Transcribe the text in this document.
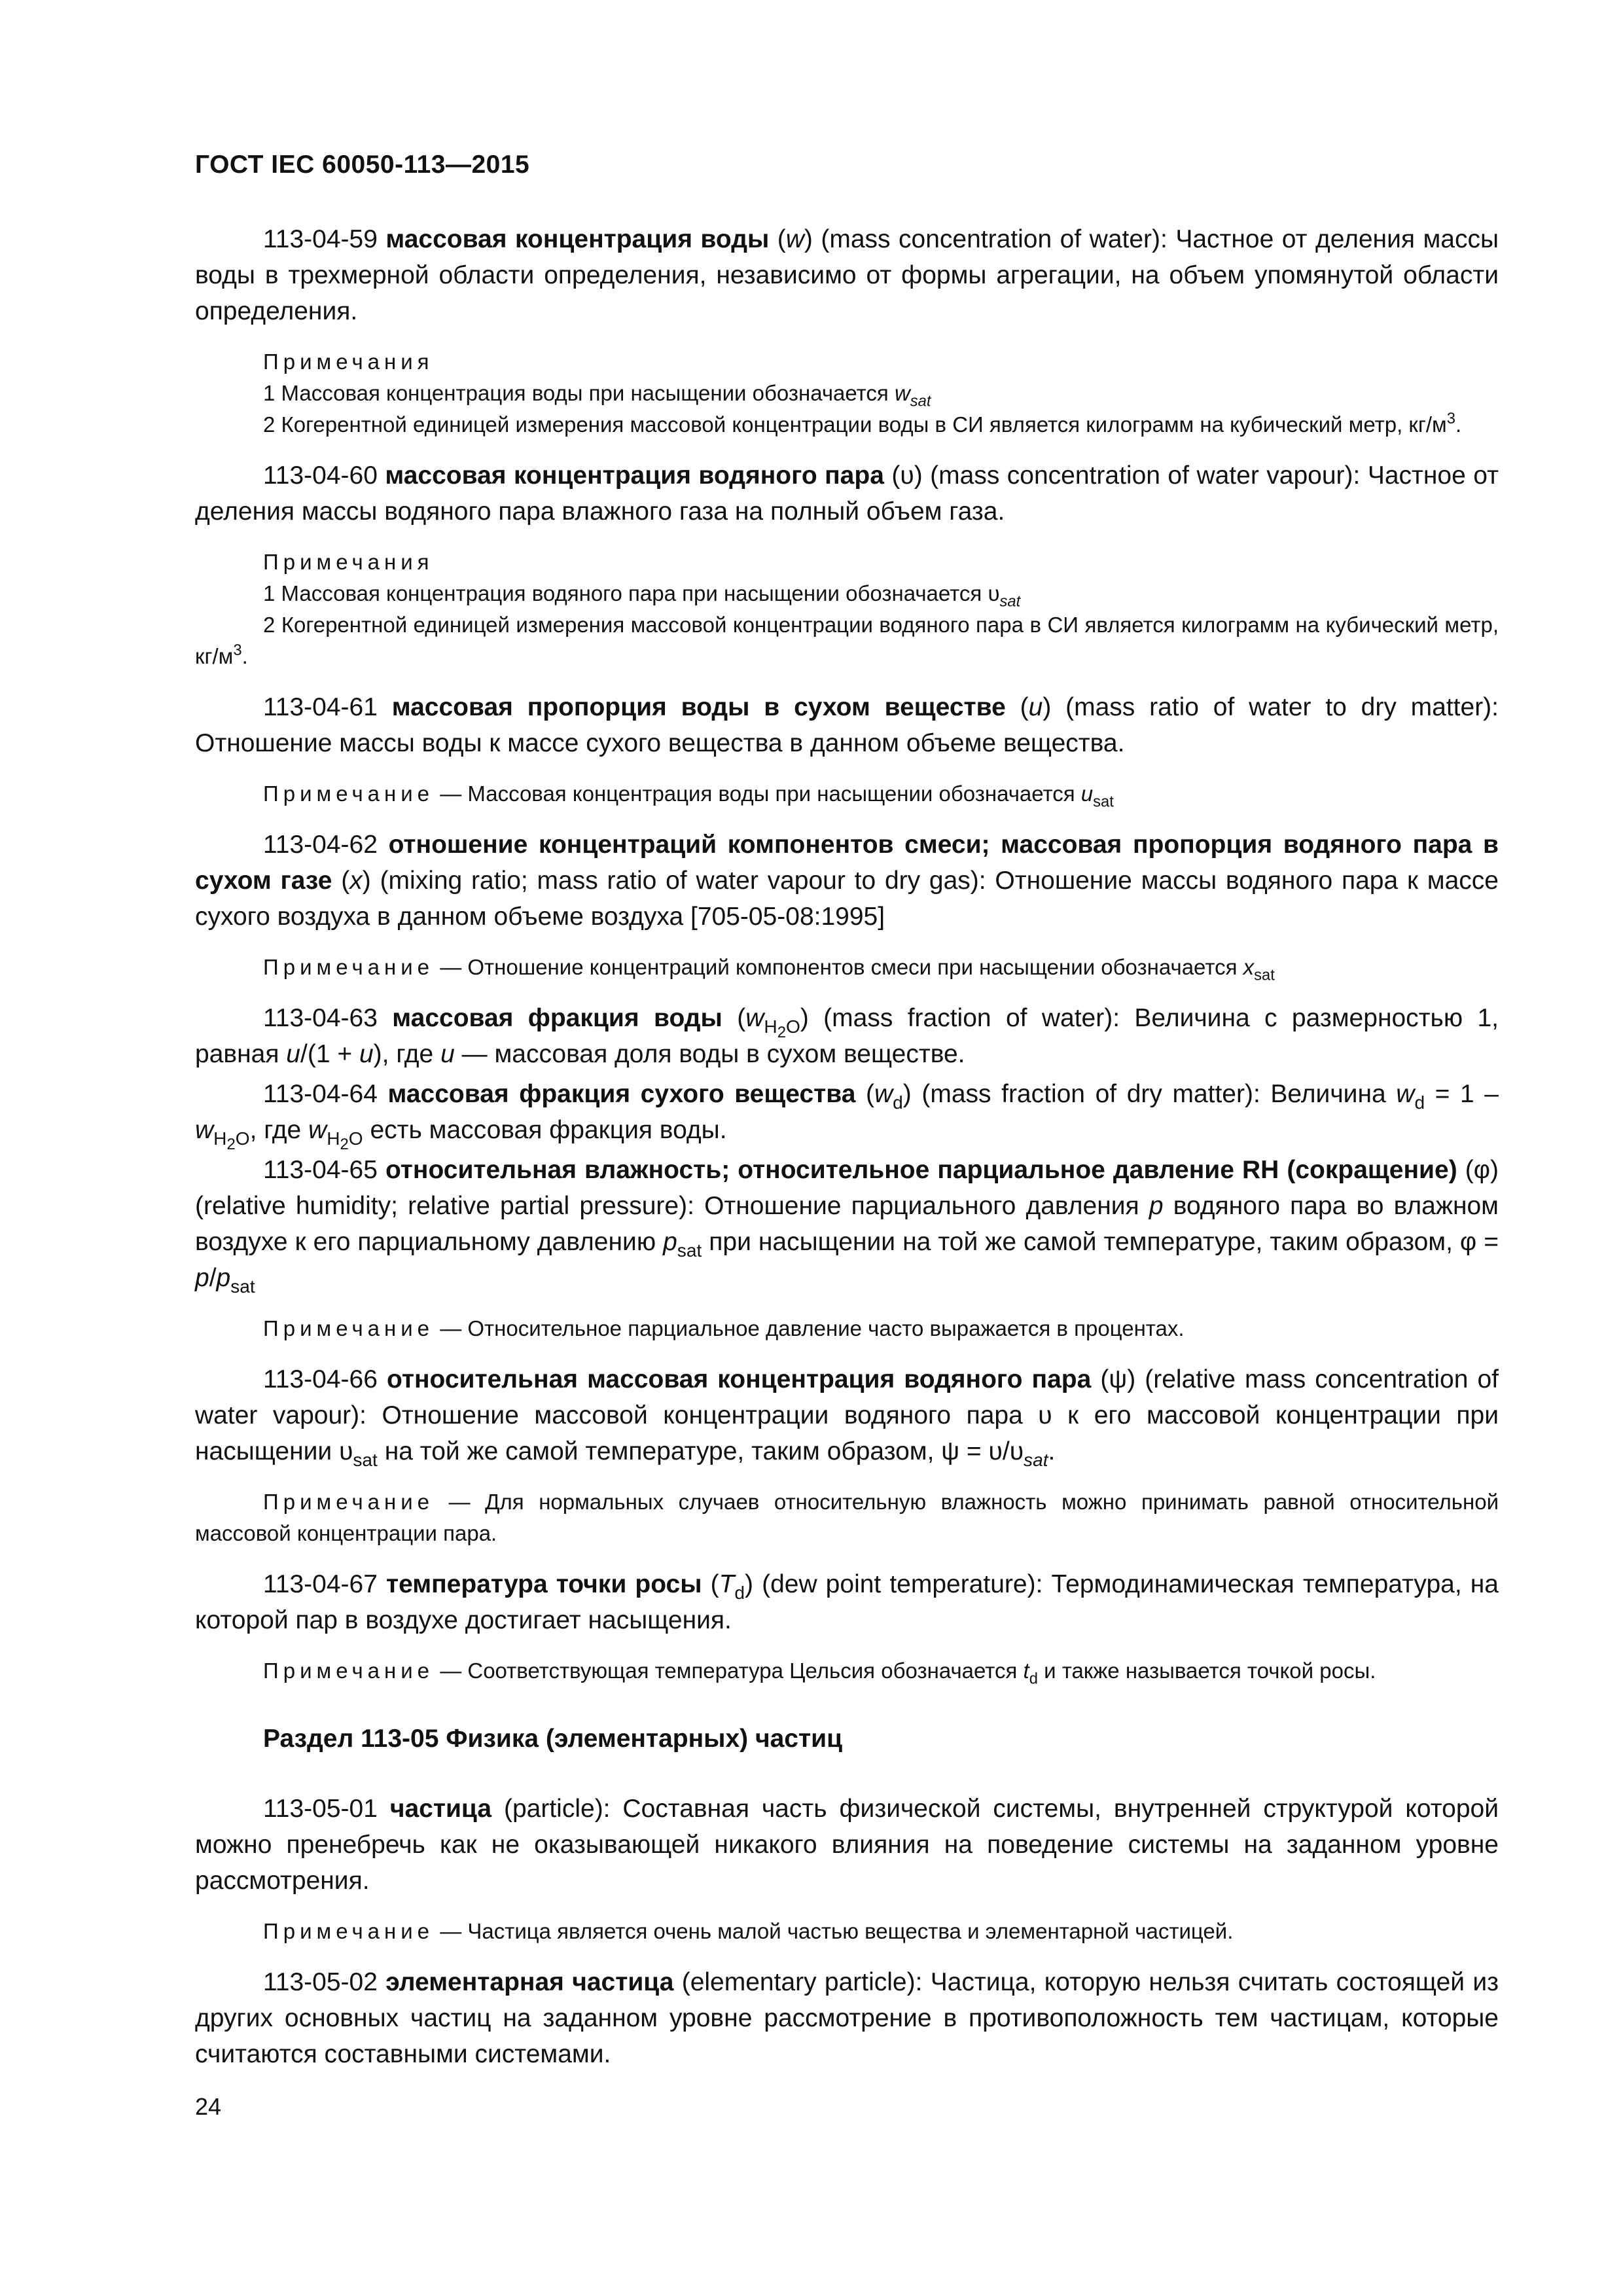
ГОСТ IEC 60050-113—2015

113-04-59 массовая концентрация воды (w) (mass concentration of water): Частное от деления массы воды в трехмерной области определения, независимо от формы агрегации, на объем упомянутой области определения.

Примечания

1 Массовая концентрация воды при насыщении обозначается $w_{sat}$

2 Когерентной единицей измерения массовой концентрации воды в СИ является килограмм на кубический метр, $кг/м^3$.

113-04-60 массовая концентрация водяного пара (υ) (mass concentration of water vapour): Частное от деления массы водяного пара влажного газа на полный объем газа.

Примечания

1 Массовая концентрация водяного пара при насыщении обозначается $\upsilon_{sat}$

2 Когерентной единицей измерения массовой концентрации водяного пара в СИ является килограмм на кубический метр, $кг/м^3$.

113-04-61 массовая пропорция воды в сухом веществе (u) (mass ratio of water to dry matter): Отношение массы воды к массе сухого вещества в данном объеме вещества.

Примечание — Массовая концентрация воды при насыщении обозначается $u_{sat}$

113-04-62 отношение концентраций компонентов смеси; массовая пропорция водяного пара в сухом газе (x) (mixing ratio; mass ratio of water vapour to dry gas): Отношение массы водяного пара к массе сухого воздуха в данном объеме воздуха [705-05-08:1995]

Примечание — Отношение концентраций компонентов смеси при насыщении обозначается $x_{sat}$

113-04-63 массовая фракция воды $(w_{H_2O})$ (mass fraction of water): Величина с размерностью 1, равная u/(1 + u), где u — массовая доля воды в сухом веществе.

113-04-64 массовая фракция сухого вещества $(w_d)$ (mass fraction of dry matter): Величина $w_d = 1 - w_{H_2O}$, где $w_{H_2O}$ есть массовая фракция воды.

113-04-65 относительная влажность; относительное парциальное давление RH (сокращение) (φ) (relative humidity; relative partial pressure): Отношение парциального давления p водяного пара во влажном воздухе к его парциальному давлению $p_{sat}$ при насыщении на той же самой температуре, таким образом, $\varphi = p/p_{sat}$

Примечание — Относительное парциальное давление часто выражается в процентах.

113-04-66 относительная массовая концентрация водяного пара (ψ) (relative mass concentration of water vapour): Отношение массовой концентрации водяного пара υ к его массовой концентрации при насыщении $\upsilon_{sat}$ на той же самой температуре, таким образом, $\psi = \upsilon/\upsilon_{sat}$.

Примечание — Для нормальных случаев относительную влажность можно принимать равной относительной массовой концентрации пара.

113-04-67 температура точки росы $(T_d)$ (dew point temperature): Термодинамическая температура, на которой пар в воздухе достигает насыщения.

Примечание — Соответствующая температура Цельсия обозначается $t_d$ и также называется точкой росы.

Раздел 113-05 Физика (элементарных) частиц

113-05-01 частица (particle): Составная часть физической системы, внутренней структурой которой можно пренебречь как не оказывающей никакого влияния на поведение системы на заданном уровне рассмотрения.

Примечание — Частица является очень малой частью вещества и элементарной частицей.

113-05-02 элементарная частица (elementary particle): Частица, которую нельзя считать состоящей из других основных частиц на заданном уровне рассмотрение в противоположность тем частицам, которые считаются составными системами.

24
